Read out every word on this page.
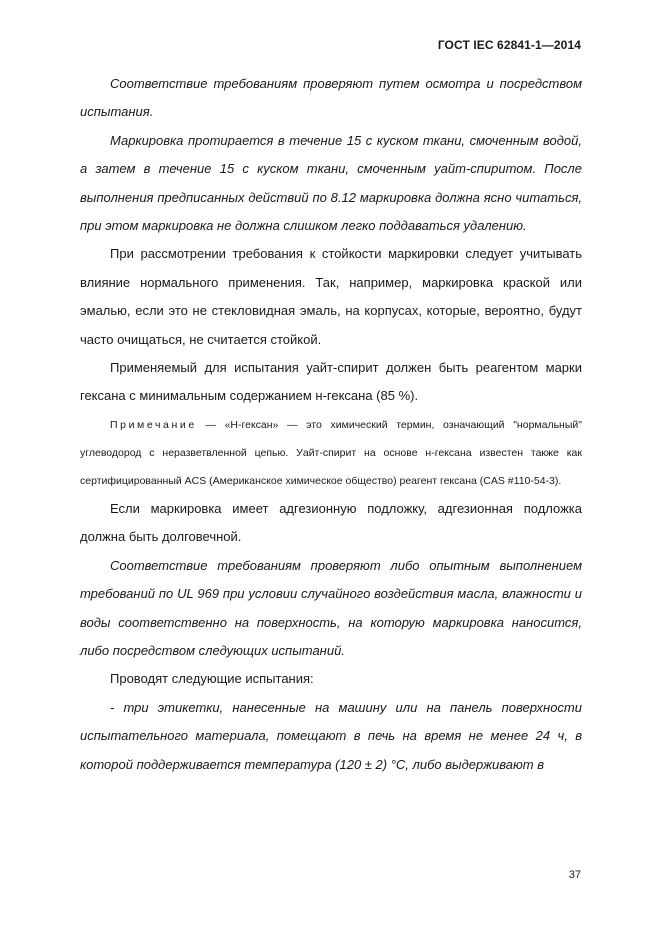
ГОСТ IEC 62841-1—2014

Соответствие требованиям проверяют путем осмотра и посредством испытания.

Маркировка протирается в течение 15 с куском ткани, смоченным водой, а затем в течение 15 с куском ткани, смоченным уайт-спиритом. После выполнения предписанных действий по 8.12 маркировка должна ясно читаться, при этом маркировка не должна слишком легко поддаваться удалению.

При рассмотрении требования к стойкости маркировки следует учитывать влияние нормального применения. Так, например, маркировка краской или эмалью, если это не стекловидная эмаль, на корпусах, которые, вероятно, будут часто очищаться, не считается стойкой.

Применяемый для испытания уайт-спирит должен быть реагентом марки гексана с минимальным содержанием н-гексана (85 %).

Примечание — «Н-гексан» — это химический термин, означающий "нормальный" углеводород с неразветвленной цепью. Уайт-спирит на основе н-гексана известен также как сертифицированный ACS (Американское химическое общество) реагент гексана (CAS #110-54-3).

Если маркировка имеет адгезионную подложку, адгезионная подложка должна быть долговечной.

Соответствие требованиям проверяют либо опытным выполнением требований по UL 969 при условии случайного воздействия масла, влажности и воды соответственно на поверхность, на которую маркировка наносится, либо посредством следующих испытаний.

Проводят следующие испытания:

- три этикетки, нанесенные на машину или на панель поверхности испытательного материала, помещают в печь на время не менее 24 ч, в которой поддерживается температура (120 ± 2) °С, либо выдерживают в

37
